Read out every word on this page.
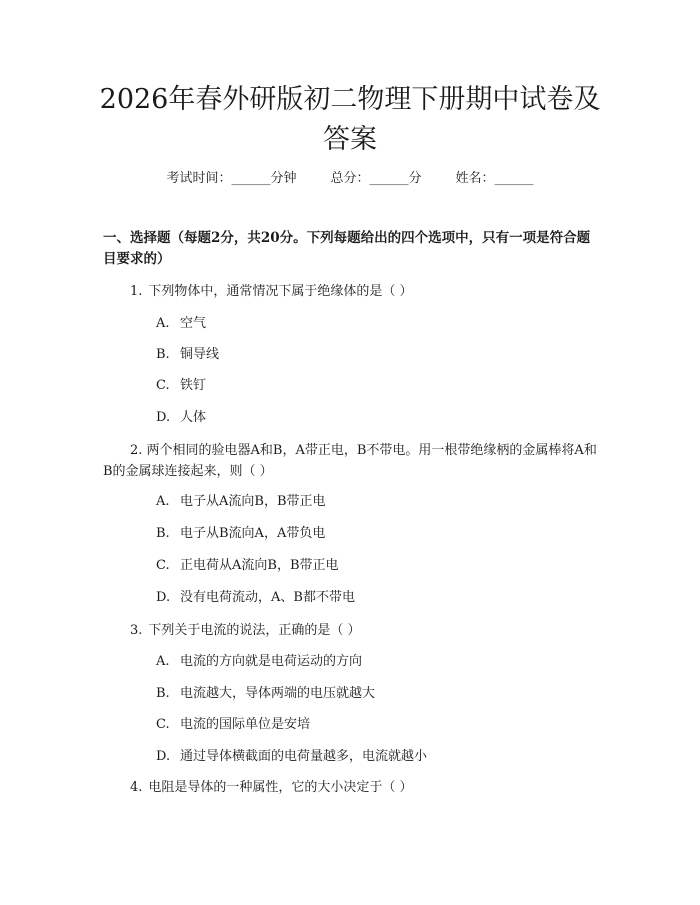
2026年春外研版初二物理下册期中试卷及答案
考试时间：______分钟	总分：______分	姓名：______
一、选择题（每题2分，共20分。下列每题给出的四个选项中，只有一项是符合题目要求的）
1. 下列物体中，通常情况下属于绝缘体的是（ ）
A. 空气
B. 铜导线
C. 铁钉
D. 人体
2. 两个相同的验电器A和B，A带正电，B不带电。用一根带绝缘柄的金属棒将A和B的金属球连接起来，则（ ）
A. 电子从A流向B，B带正电
B. 电子从B流向A，A带负电
C. 正电荷从A流向B，B带正电
D. 没有电荷流动，A、B都不带电
3. 下列关于电流的说法，正确的是（ ）
A. 电流的方向就是电荷运动的方向
B. 电流越大，导体两端的电压就越大
C. 电流的国际单位是安培
D. 通过导体横截面的电荷量越多，电流就越小
4. 电阻是导体的一种属性，它的大小决定于（ ）
